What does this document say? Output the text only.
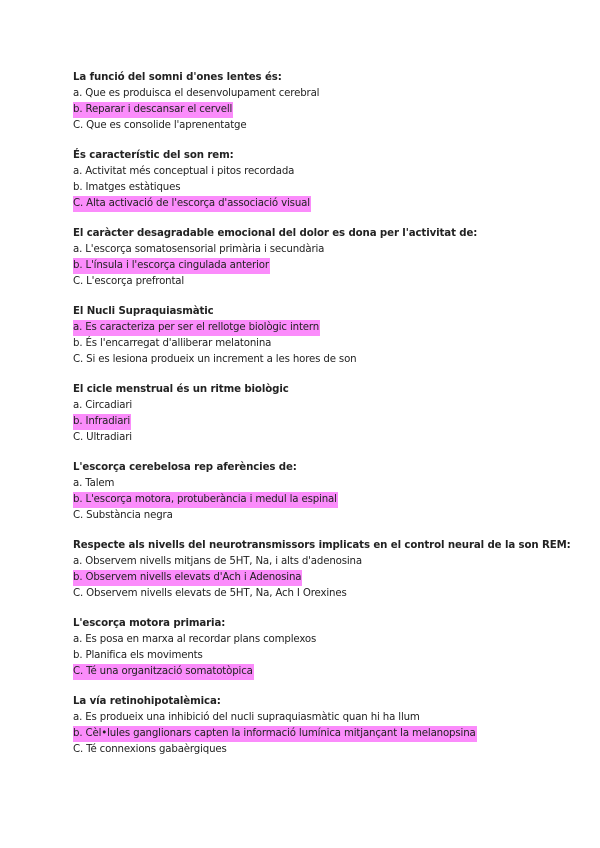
La funció del somni d'ones lentes és:
a. Que es produisca el desenvolupament cerebral
b. Reparar i descansar el cervell
C. Que es consolide l'aprenentatge
És característic del son rem:
a. Activitat més conceptual i pitos recordada
b. Imatges estàtiques
C. Alta activació de l'escorça d'associació visual
El caràcter desagradable emocional del dolor es dona per l'activitat de:
a. L'escorça somatosensorial primària i secundària
b. L'ínsula i l'escorça cingulada anterior
C. L'escorça prefrontal
El Nucli Supraquiasmàtic
a. Es caracteriza per ser el rellotge biològic intern
b. És l'encarregat d'alliberar melatonina
C. Si es lesiona produeix un increment a les hores de son
El cicle menstrual és un ritme biològic
a. Circadiari
b. Infradiari
C. Ultradiari
L'escorça cerebelosa rep aferències de:
a. Talem
b. L'escorça motora, protuberància i medul la espinal
C. Substància negra
Respecte als nivells del neurotransmissors implicats en el control neural de la son REM:
a. Observem nivells mitjans de 5HT, Na, i alts d'adenosina
b. Observem nivells elevats d'Ach i Adenosina
C. Observem nivells elevats de 5HT, Na, Ach I Orexines
L'escorça motora primaria:
a. Es posa en marxa al recordar plans complexos
b. Planifica els moviments
C. Té una organització somatotòpica
La vía retinohipotalèmica:
a. Es produeix una inhibició del nucli supraquiasmàtic quan hi ha llum
b. Cèl•lules ganglionars capten la informació lumínica mitjançant la melanopsina
C. Té connexions gabaèrgiques
